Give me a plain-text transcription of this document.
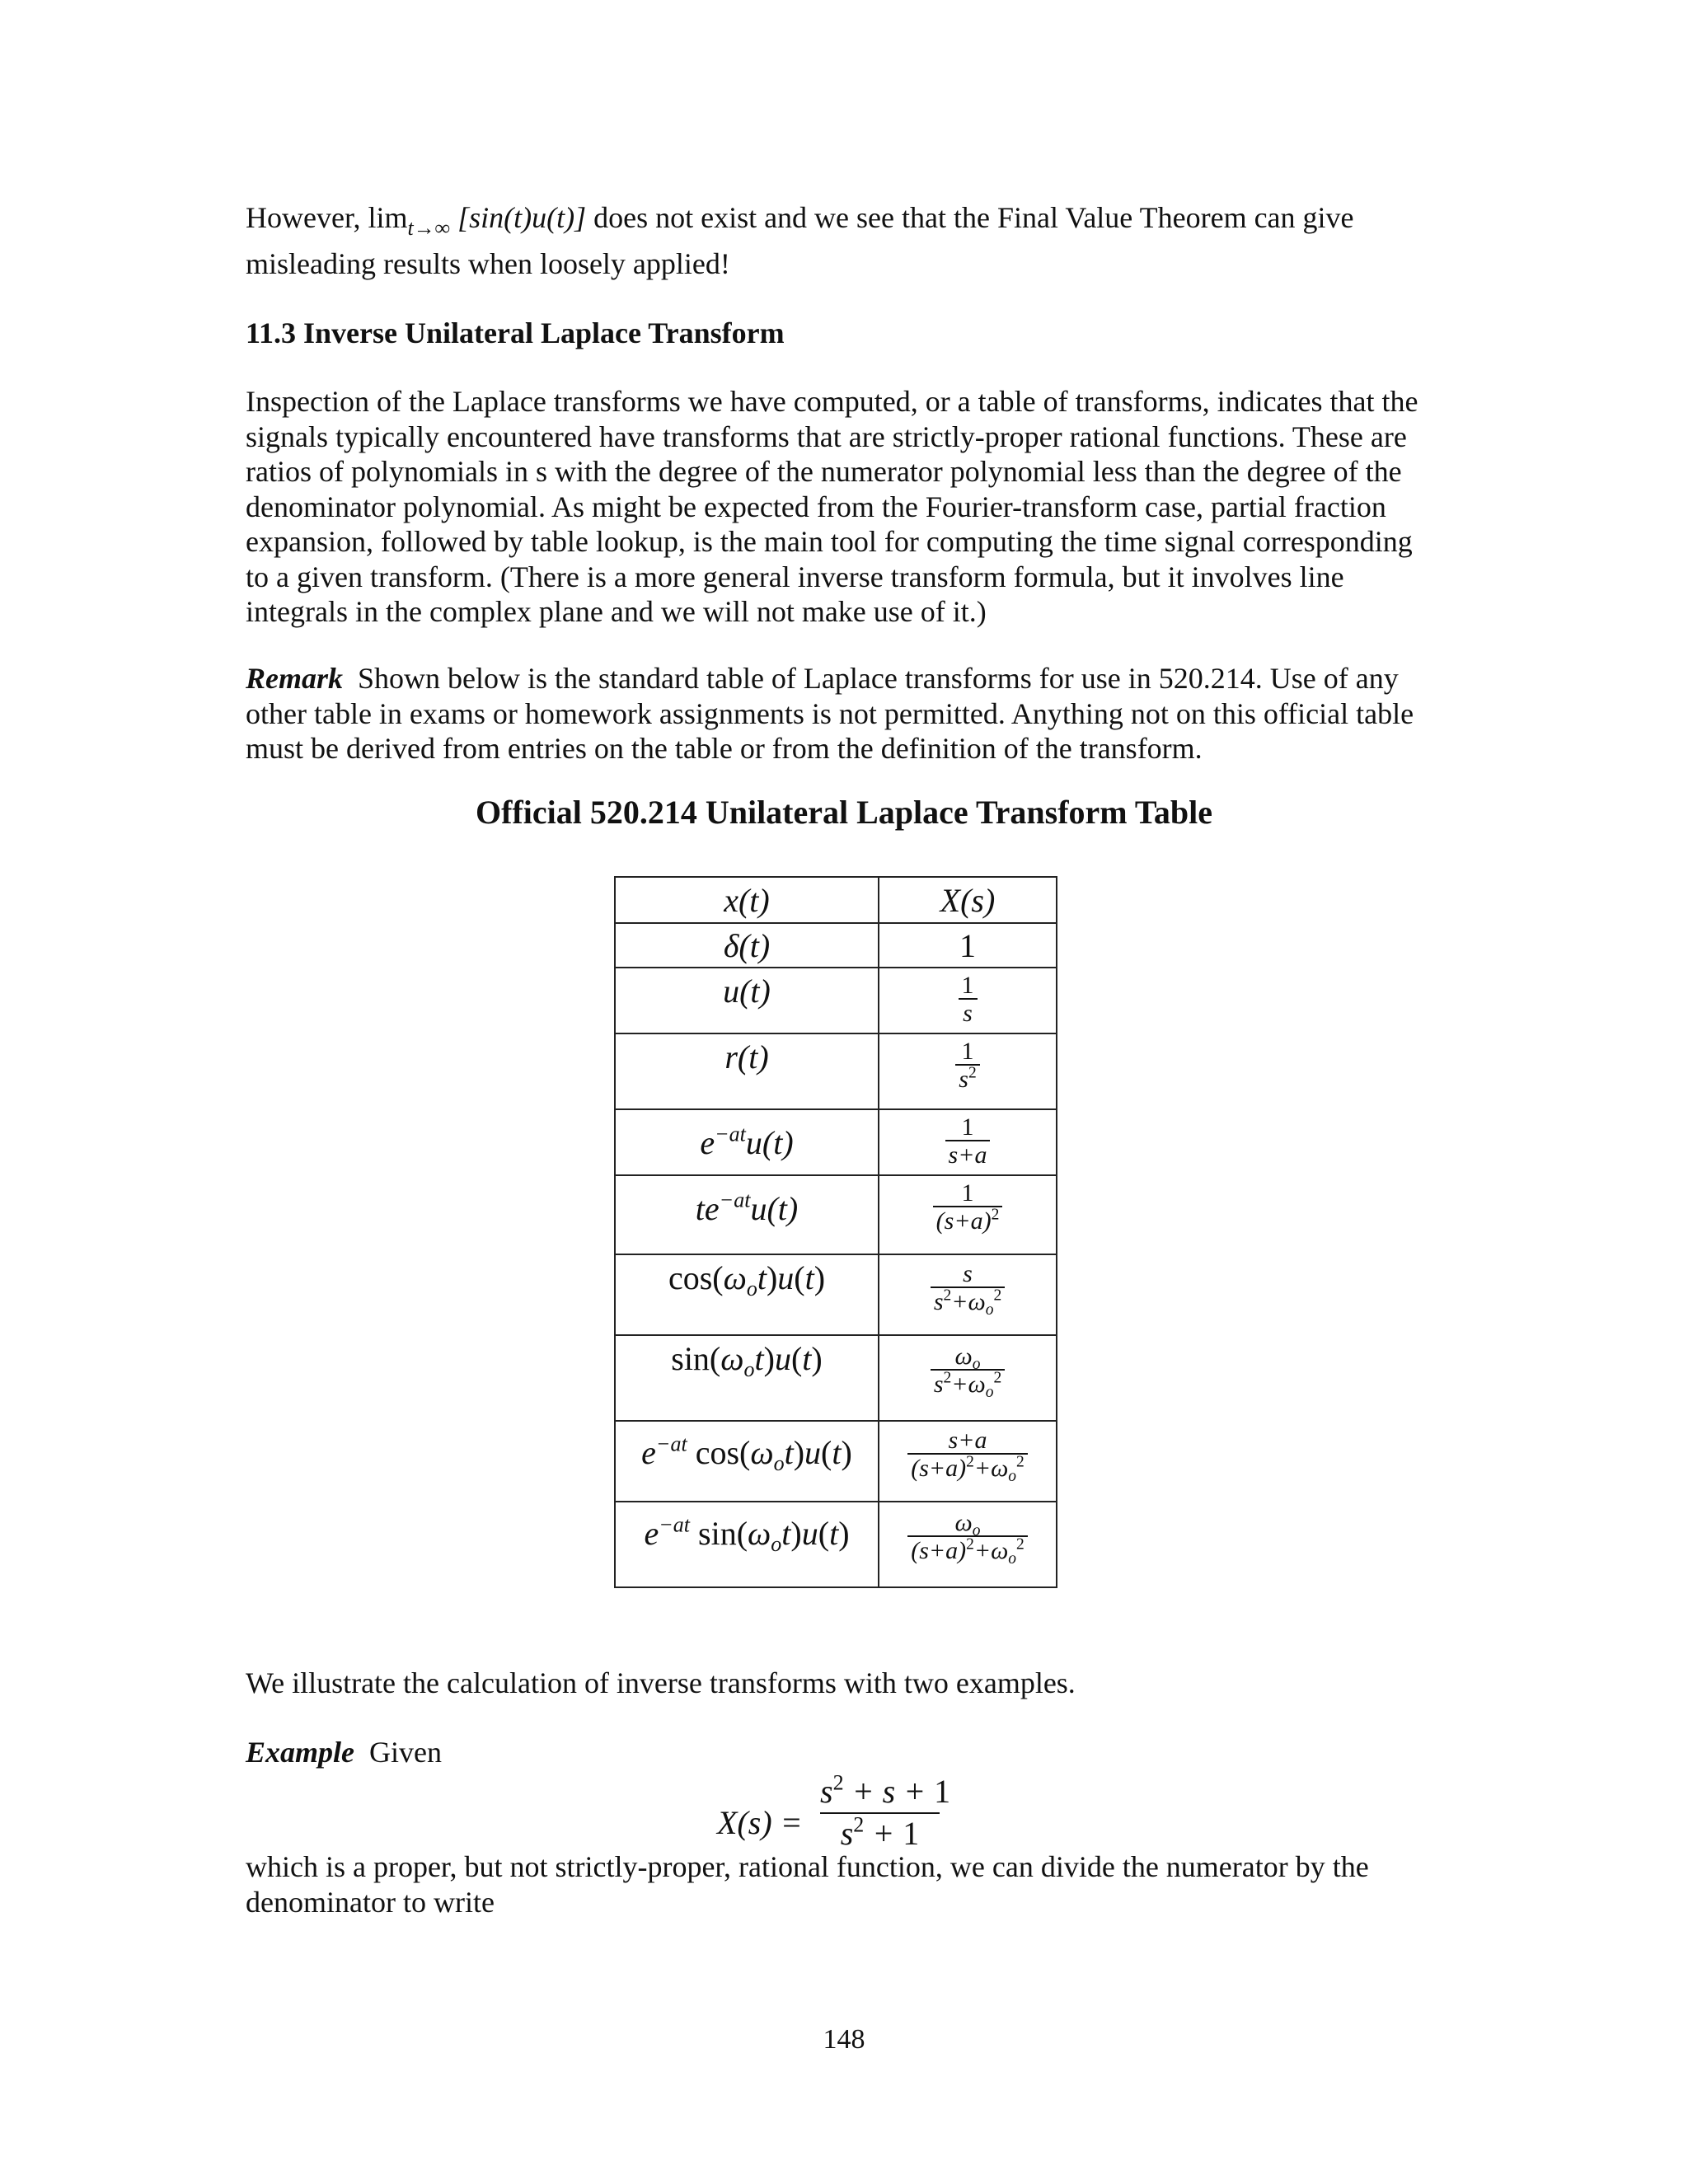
However, $\lim_{t\to\infty} [\sin(t)u(t)]$ does not exist and we see that the Final Value Theorem can give
misleading results when loosely applied!

11.3 Inverse Unilateral Laplace Transform

Inspection of the Laplace transforms we have computed, or a table of transforms, indicates that the signals typically encountered have transforms that are strictly-proper rational functions. These are ratios of polynomials in s with the degree of the numerator polynomial less than the degree of the denominator polynomial. As might be expected from the Fourier-transform case, partial fraction expansion, followed by table lookup, is the main tool for computing the time signal corresponding to a given transform. (There is a more general inverse transform formula, but it involves line integrals in the complex plane and we will not make use of it.)

Remark Shown below is the standard table of Laplace transforms for use in 520.214. Use of any other table in exams or homework assignments is not permitted. Anything not on this official table must be derived from entries on the table or from the definition of the transform.

Official 520.214 Unilateral Laplace Transform Table

x(t)	X(s)
δ(t)	1
u(t)	$\frac{1}{s}$

r(t)	$\frac{1}{s^2}$

$e^{-at}u(t)$	$\frac{1}{s+a}$

$te^{-at}u(t)$	$\frac{1}{(s+a)^2}$

cos(ωot)u(t)	$\frac{s}{s^2+\omega o^2}$

sin(ωot)u(t)	$\frac{\omega o}{s^2+\omega o^2}$

$e^{-at}$ cos(ωot)u(t)	$\frac{s+a}{(s+a)^2+\omega o^2}$

$e^{-at}$ sin(ωot)u(t)	$\frac{\omega o}{(s+a)^2+\omega o^2}$

We illustrate the calculation of inverse transforms with two examples.

Example Given

$X(s) = \frac{s^2 + s + 1}{s^2 + 1}$

which is a proper, but not strictly-proper, rational function, we can divide the numerator by the denominator to write

148
